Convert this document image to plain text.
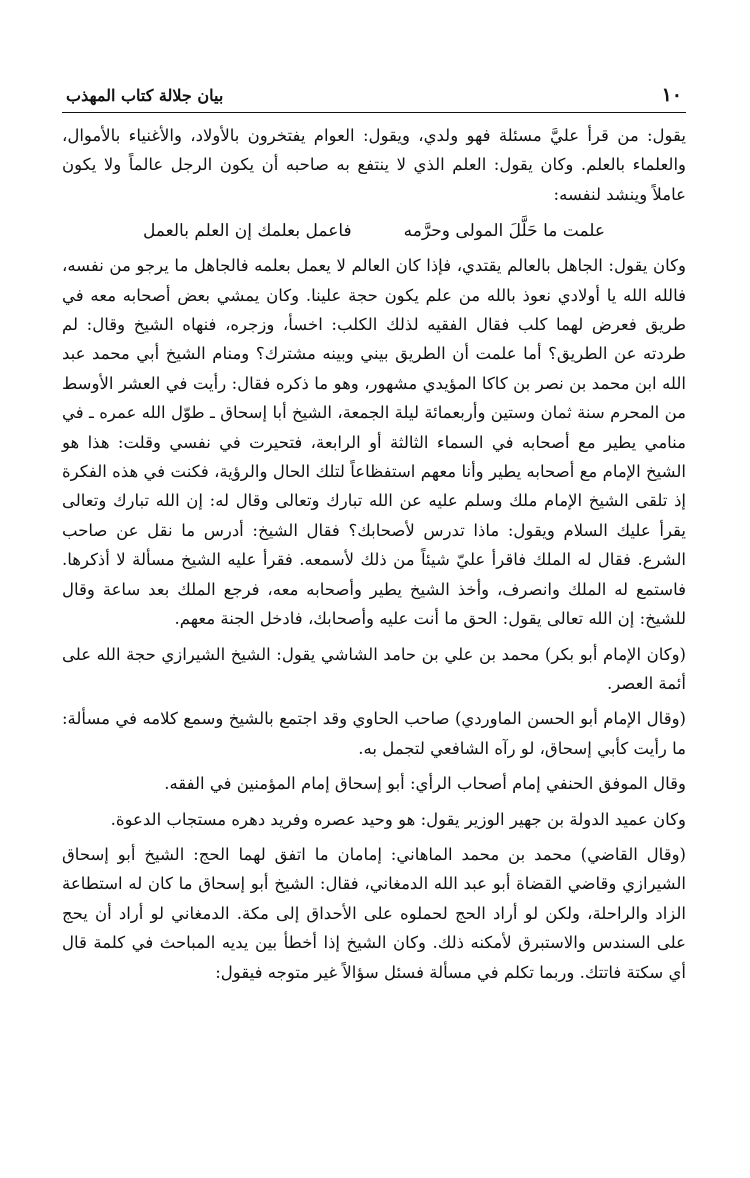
١٠
بيان جلالة كتاب المهذب

يقول: من قرأ عليَّ مسئلة فهو ولدي، ويقول: العوام يفتخرون بالأولاد، والأغنياء بالأموال، والعلماء بالعلم. وكان يقول: العلم الذي لا ينتفع به صاحبه أن يكون الرجل عالماً ولا يكون عاملاً وينشد لنفسه:

علمت ما حَلَّلَ المولى وحرَّمه
فاعمل بعلمك إن العلم بالعمل

وكان يقول: الجاهل بالعالم يقتدي، فإذا كان العالم لا يعمل بعلمه فالجاهل ما يرجو من نفسه، فالله الله يا أولادي نعوذ بالله من علم يكون حجة علينا. وكان يمشي بعض أصحابه معه في طريق فعرض لهما كلب فقال الفقيه لذلك الكلب: اخسأ، وزجره، فنهاه الشيخ وقال: لم طردته عن الطريق؟ أما علمت أن الطريق بيني وبينه مشترك؟ ومنام الشيخ أبي محمد عبد الله ابن محمد بن نصر بن كاكا المؤيدي مشهور، وهو ما ذكره فقال: رأيت في العشر الأوسط من المحرم سنة ثمان وستين وأربعمائة ليلة الجمعة، الشيخ أبا إسحاق ـ طوّل الله عمره ـ في منامي يطير مع أصحابه في السماء الثالثة أو الرابعة، فتحيرت في نفسي وقلت: هذا هو الشيخ الإمام مع أصحابه يطير وأنا معهم استفظاعاً لتلك الحال والرؤية، فكنت في هذه الفكرة إذ تلقى الشيخ الإمام ملك وسلم عليه عن الله تبارك وتعالى وقال له: إن الله تبارك وتعالى يقرأ عليك السلام ويقول: ماذا تدرس لأصحابك؟ فقال الشيخ: أدرس ما نقل عن صاحب الشرع. فقال له الملك فاقرأ عليّ شيئاً من ذلك لأسمعه. فقرأ عليه الشيخ مسألة لا أذكرها. فاستمع له الملك وانصرف، وأخذ الشيخ يطير وأصحابه معه، فرجع الملك بعد ساعة وقال للشيخ: إن الله تعالى يقول: الحق ما أنت عليه وأصحابك، فادخل الجنة معهم.

(وكان الإمام أبو بكر) محمد بن علي بن حامد الشاشي يقول: الشيخ الشيرازي حجة الله على أئمة العصر.

(وقال الإمام أبو الحسن الماوردي) صاحب الحاوي وقد اجتمع بالشيخ وسمع كلامه في مسألة: ما رأيت كأبي إسحاق، لو رآه الشافعي لتجمل به.

وقال الموفق الحنفي إمام أصحاب الرأي: أبو إسحاق إمام المؤمنين في الفقه.

وكان عميد الدولة بن جهير الوزير يقول: هو وحيد عصره وفريد دهره مستجاب الدعوة.

(وقال القاضي) محمد بن محمد الماهاني: إمامان ما اتفق لهما الحج: الشيخ أبو إسحاق الشيرازي وقاضي القضاة أبو عبد الله الدمغاني، فقال: الشيخ أبو إسحاق ما كان له استطاعة الزاد والراحلة، ولكن لو أراد الحج لحملوه على الأحداق إلى مكة. الدمغاني لو أراد أن يحج على السندس والاستبرق لأمكنه ذلك. وكان الشيخ إذا أخطأ بين يديه المباحث في كلمة قال أي سكتة فاتتك. وربما تكلم في مسألة فسئل سؤالاً غير متوجه فيقول:
